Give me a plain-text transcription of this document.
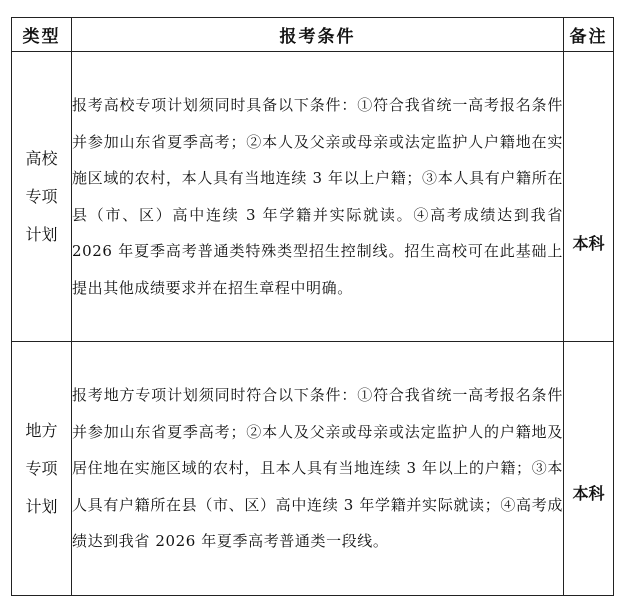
类型	报考条件	备注

高校
专项
计划	报考高校专项计划须同时具备以下条件：①符合我省统一高考报名条件并参加山东省夏季高考；②本人及父亲或母亲或法定监护人户籍地在实施区域的农村，本人具有当地连续 3 年以上户籍；③本人具有户籍所在县（市、区）高中连续 3 年学籍并实际就读。④高考成绩达到我省 2026 年夏季高考普通类特殊类型招生控制线。招生高校可在此基础上提出其他成绩要求并在招生章程中明确。	本科

地方
专项
计划	报考地方专项计划须同时符合以下条件：①符合我省统一高考报名条件并参加山东省夏季高考；②本人及父亲或母亲或法定监护人的户籍地及居住地在实施区域的农村，且本人具有当地连续 3 年以上的户籍；③本人具有户籍所在县（市、区）高中连续 3 年学籍并实际就读；④高考成绩达到我省 2026 年夏季高考普通类一段线。	本科
